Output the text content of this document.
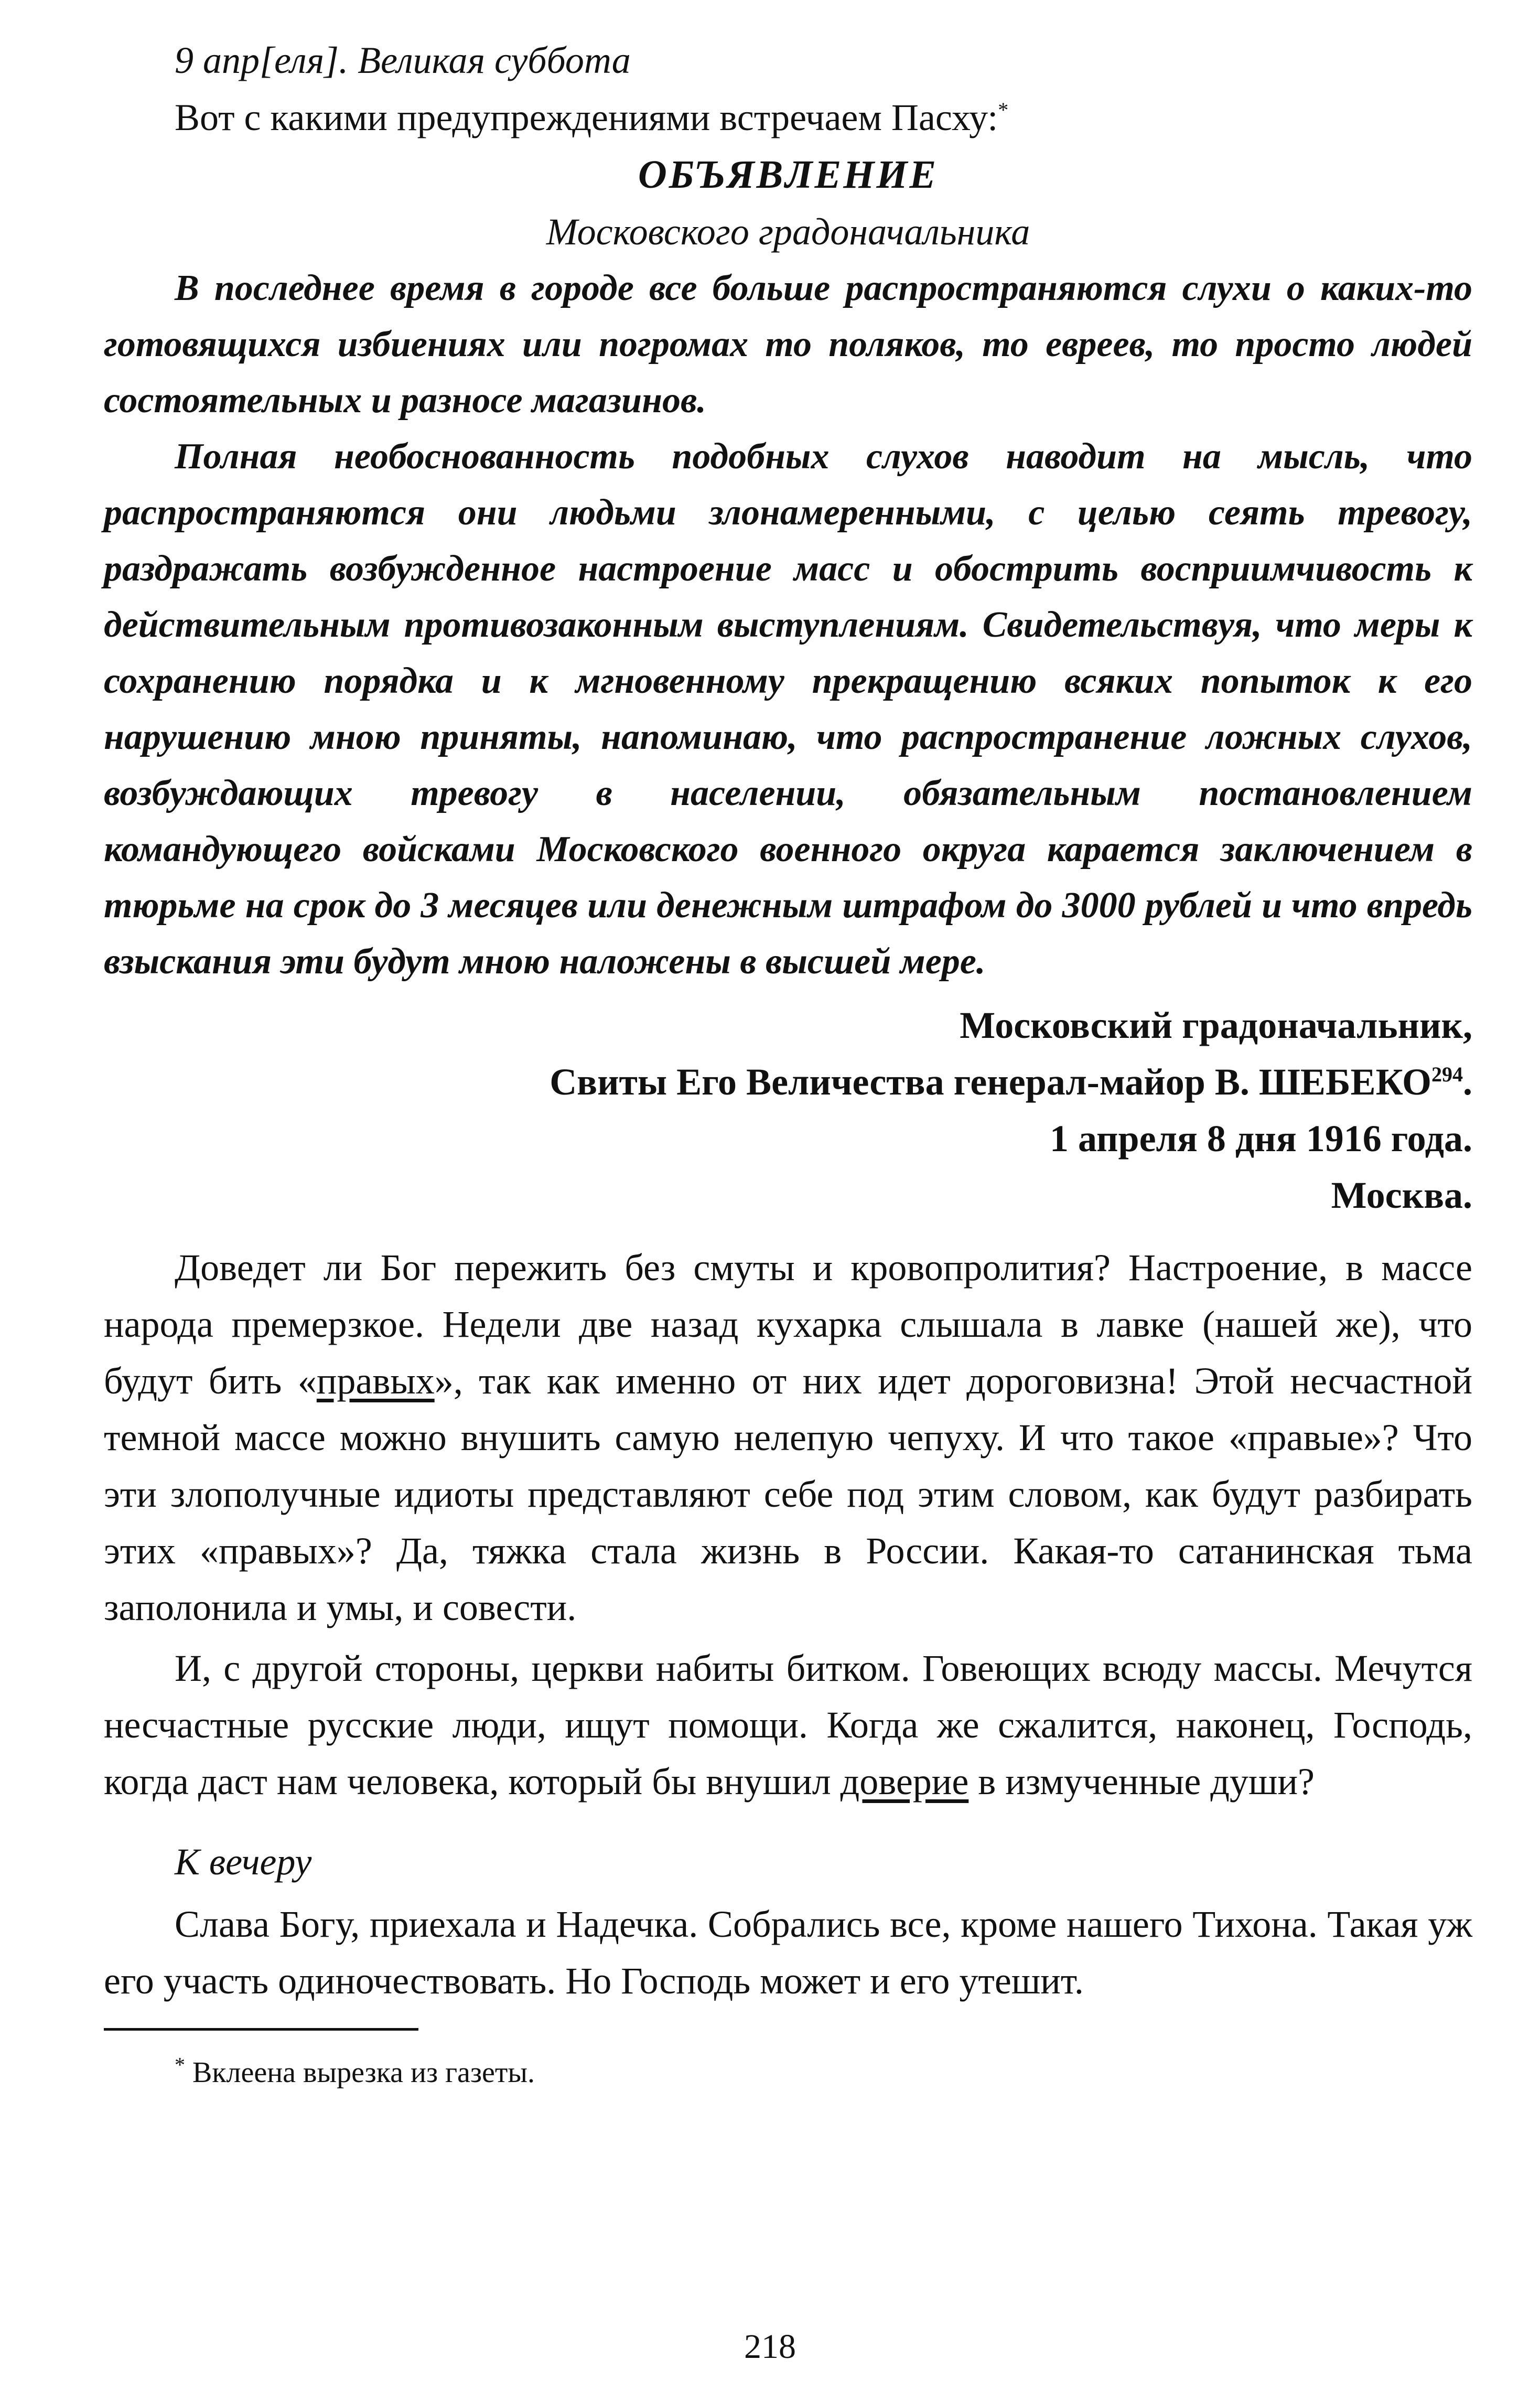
9 апр[еля]. Великая суббота

Вот с какими предупреждениями встречаем Пасху:*

ОБЪЯВЛЕНИЕ

Московского градоначальника

В последнее время в городе все больше распространяются слухи о каких-то готовящихся избиениях или погромах то поляков, то евреев, то просто людей состоятельных и разносе магазинов.

Полная необоснованность подобных слухов наводит на мысль, что распространяются они людьми злонамеренными, с целью сеять тревогу, раздражать возбужденное настроение масс и обострить восприимчивость к действительным противозаконным выступлениям. Свидетельствуя, что меры к сохранению порядка и к мгновенному прекращению всяких попыток к его нарушению мною приняты, напоминаю, что распространение ложных слухов, возбуждающих тревогу в населении, обязательным постановлением командующего войсками Московского военного округа карается заключением в тюрьме на срок до 3 месяцев или денежным штрафом до 3000 рублей и что впредь взыскания эти будут мною наложены в высшей мере.

Московский градоначальник,

Свиты Его Величества генерал-майор В. ШЕБЕКО$^{294}$.

1 апреля 8 дня 1916 года.

Москва.

Доведет ли Бог пережить без смуты и кровопролития? Настроение, в массе народа премерзкое. Недели две назад кухарка слышала в лавке (нашей же), что будут бить «правых», так как именно от них идет дороговизна! Этой несчастной темной массе можно внушить самую нелепую чепуху. И что такое «правые»? Что эти злополучные идиоты представляют себе под этим словом, как будут разбирать этих «правых»? Да, тяжка стала жизнь в России. Какая-то сатанинская тьма заполонила и умы, и совести.

И, с другой стороны, церкви набиты битком. Говеющих всюду массы. Мечутся несчастные русские люди, ищут помощи. Когда же сжалится, наконец, Господь, когда даст нам человека, который бы внушил доверие в измученные души?

К вечеру

Слава Богу, приехала и Надечка. Собрались все, кроме нашего Тихона. Такая уж его участь одиночествовать. Но Господь может и его утешит.

* Вклеена вырезка из газеты.

218
